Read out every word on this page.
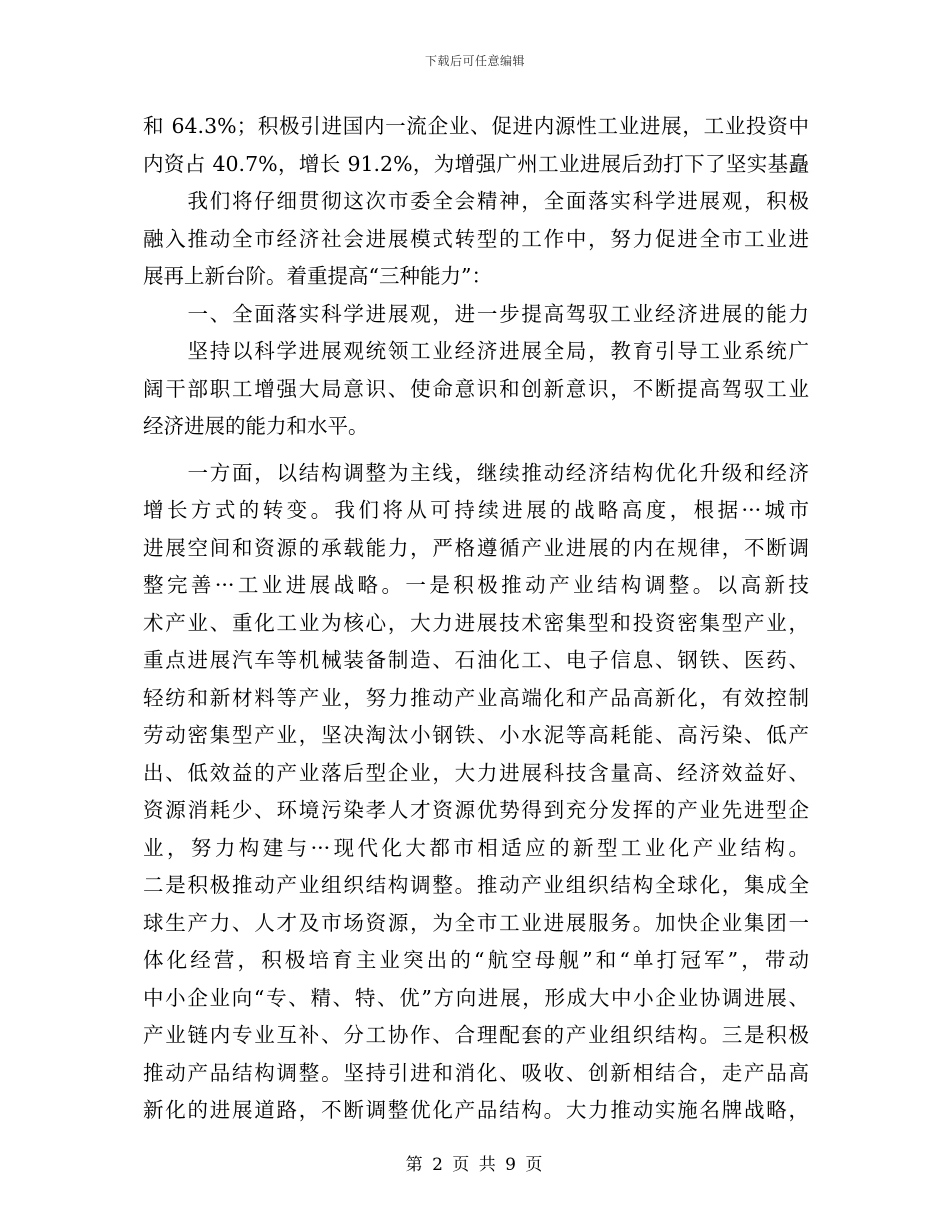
下载后可任意编辑
和 64.3%；积极引进国内一流企业、促进内源性工业进展，工业投资中
内资占 40.7%，增长 91.2%，为增强广州工业进展后劲打下了坚实基矗
　　我们将仔细贯彻这次市委全会精神，全面落实科学进展观，积极
融入推动全市经济社会进展模式转型的工作中，努力促进全市工业进
展再上新台阶。着重提高“三种能力”：
　　一、全面落实科学进展观，进一步提高驾驭工业经济进展的能力
　　坚持以科学进展观统领工业经济进展全局，教育引导工业系统广
阔干部职工增强大局意识、使命意识和创新意识，不断提高驾驭工业
经济进展的能力和水平。
　　一方面，以结构调整为主线，继续推动经济结构优化升级和经济
增长方式的转变。我们将从可持续进展的战略高度，根据···城市
进展空间和资源的承载能力，严格遵循产业进展的内在规律，不断调
整完善···工业进展战略。一是积极推动产业结构调整。以高新技
术产业、重化工业为核心，大力进展技术密集型和投资密集型产业，
重点进展汽车等机械装备制造、石油化工、电子信息、钢铁、医药、
轻纺和新材料等产业，努力推动产业高端化和产品高新化，有效控制
劳动密集型产业，坚决淘汰小钢铁、小水泥等高耗能、高污染、低产
出、低效益的产业落后型企业，大力进展科技含量高、经济效益好、
资源消耗少、环境污染孝人才资源优势得到充分发挥的产业先进型企
业，努力构建与···现代化大都市相适应的新型工业化产业结构。
二是积极推动产业组织结构调整。推动产业组织结构全球化，集成全
球生产力、人才及市场资源，为全市工业进展服务。加快企业集团一
体化经营，积极培育主业突出的“航空母舰”和“单打冠军”，带动
中小企业向“专、精、特、优”方向进展，形成大中小企业协调进展、
产业链内专业互补、分工协作、合理配套的产业组织结构。三是积极
推动产品结构调整。坚持引进和消化、吸收、创新相结合，走产品高
新化的进展道路，不断调整优化产品结构。大力推动实施名牌战略，
第 2 页 共 9 页
